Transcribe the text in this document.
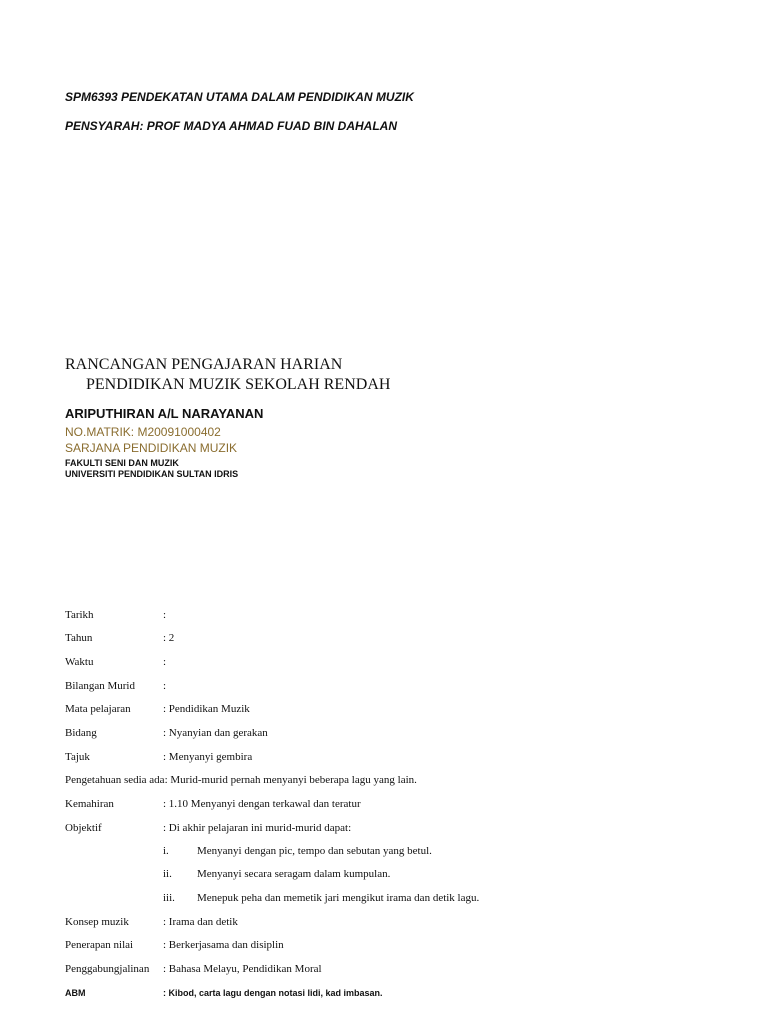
SPM6393 PENDEKATAN UTAMA DALAM PENDIDIKAN MUZIK
PENSYARAH: PROF MADYA AHMAD FUAD BIN DAHALAN
RANCANGAN PENGAJARAN HARIAN
PENDIDIKAN MUZIK SEKOLAH RENDAH
ARIPUTHIRAN A/L NARAYANAN
NO.MATRIK: M20091000402
SARJANA PENDIDIKAN MUZIK
FAKULTI SENI DAN MUZIK
UNIVERSITI PENDIDIKAN SULTAN IDRIS
Tarikh	:
Tahun	: 2
Waktu	:
Bilangan Murid	:
Mata pelajaran	: Pendidikan Muzik
Bidang	: Nyanyian dan gerakan
Tajuk	: Menyanyi gembira
Pengetahuan sedia ada: Murid-murid pernah menyanyi beberapa lagu yang lain.
Kemahiran	: 1.10 Menyanyi dengan terkawal dan teratur
Objektif	: Di akhir pelajaran ini murid-murid dapat:
i.	Menyanyi dengan pic, tempo dan sebutan yang betul.
ii. Menyanyi secara seragam dalam kumpulan.
iii. Menepuk peha dan memetik jari mengikut irama dan detik lagu.
Konsep muzik	: Irama dan detik
Penerapan nilai	: Berkerjasama dan disiplin
Penggabungjalinan : Bahasa Melayu, Pendidikan Moral
ABM	: Kibod, carta lagu dengan notasi lidi, kad imbasan.
